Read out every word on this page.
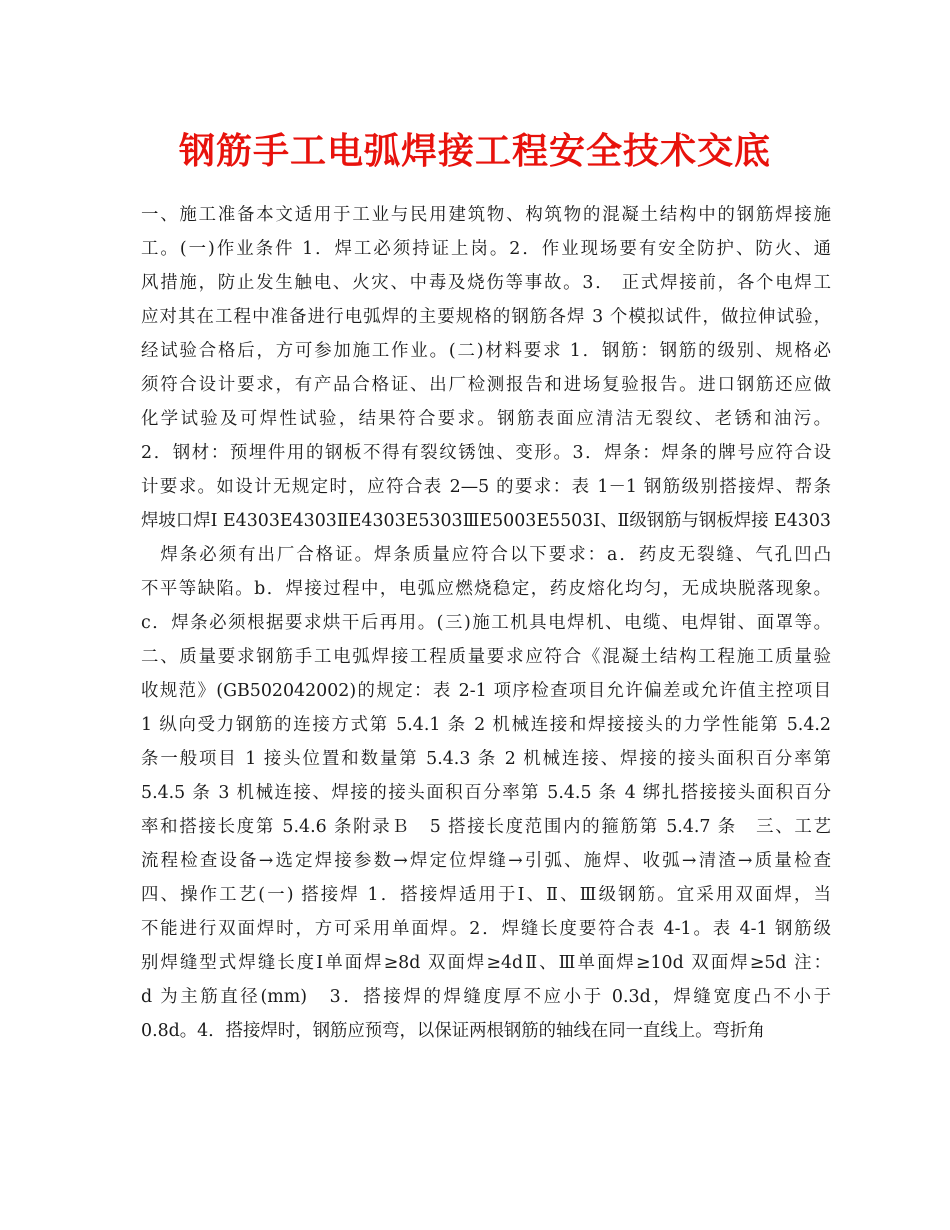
钢筋手工电弧焊接工程安全技术交底
一、施工准备本文适用于工业与民用建筑物、构筑物的混凝土结构中的钢筋焊接施
工。(一)作业条件 1．焊工必须持证上岗。2．作业现场要有安全防护、防火、通
风措施，防止发生触电、火灾、中毒及烧伤等事故。3． 正式焊接前，各个电焊工
应对其在工程中准备进行电弧焊的主要规格的钢筋各焊 3 个模拟试件，做拉伸试验，
经试验合格后，方可参加施工作业。(二)材料要求 1．钢筋：钢筋的级别、规格必
须符合设计要求，有产品合格证、出厂检测报告和进场复验报告。进口钢筋还应做
化学试验及可焊性试验，结果符合要求。钢筋表面应清洁无裂纹、老锈和油污。
2．钢材：预埋件用的钢板不得有裂纹锈蚀、变形。3．焊条：焊条的牌号应符合设
计要求。如设计无规定时，应符合表 2—5 的要求：表 1－1 钢筋级别搭接焊、帮条
焊坡口焊Ⅰ E4303E4303ⅡE4303E5303ⅢE5003E5503Ⅰ、Ⅱ级钢筋与钢板焊接 E4303
　焊条必须有出厂合格证。焊条质量应符合以下要求：a．药皮无裂缝、气孔凹凸
不平等缺陷。b．焊接过程中，电弧应燃烧稳定，药皮熔化均匀，无成块脱落现象。
c．焊条必须根据要求烘干后再用。(三)施工机具电焊机、电缆、电焊钳、面罩等。
二、质量要求钢筋手工电弧焊接工程质量要求应符合《混凝土结构工程施工质量验
收规范》(GB502042002)的规定：表 2-1 项序检查项目允许偏差或允许值主控项目
1 纵向受力钢筋的连接方式第 5.4.1 条 2 机械连接和焊接接头的力学性能第 5.4.2
条一般项目 1 接头位置和数量第 5.4.3 条 2 机械连接、焊接的接头面积百分率第
5.4.5 条 3 机械连接、焊接的接头面积百分率第 5.4.5 条 4 绑扎搭接接头面积百分
率和搭接长度第 5.4.6 条附录Ｂ　5 搭接长度范围内的箍筋第 5.4.7 条　三、工艺
流程检查设备→选定焊接参数→焊定位焊缝→引弧、施焊、收弧→清渣→质量检查
四、操作工艺(一) 搭接焊 1．搭接焊适用于Ⅰ、Ⅱ、Ⅲ级钢筋。宜采用双面焊，当
不能进行双面焊时，方可采用单面焊。2．焊缝长度要符合表 4-1。表 4-1 钢筋级
别焊缝型式焊缝长度Ⅰ单面焊≥8d 双面焊≥4dⅡ、Ⅲ单面焊≥10d 双面焊≥5d 注：
d 为主筋直径(mm)　3．搭接焊的焊缝度厚不应小于 0.3d，焊缝宽度凸不小于
0.8d。4．搭接焊时，钢筋应预弯，以保证两根钢筋的轴线在同一直线上。弯折角
